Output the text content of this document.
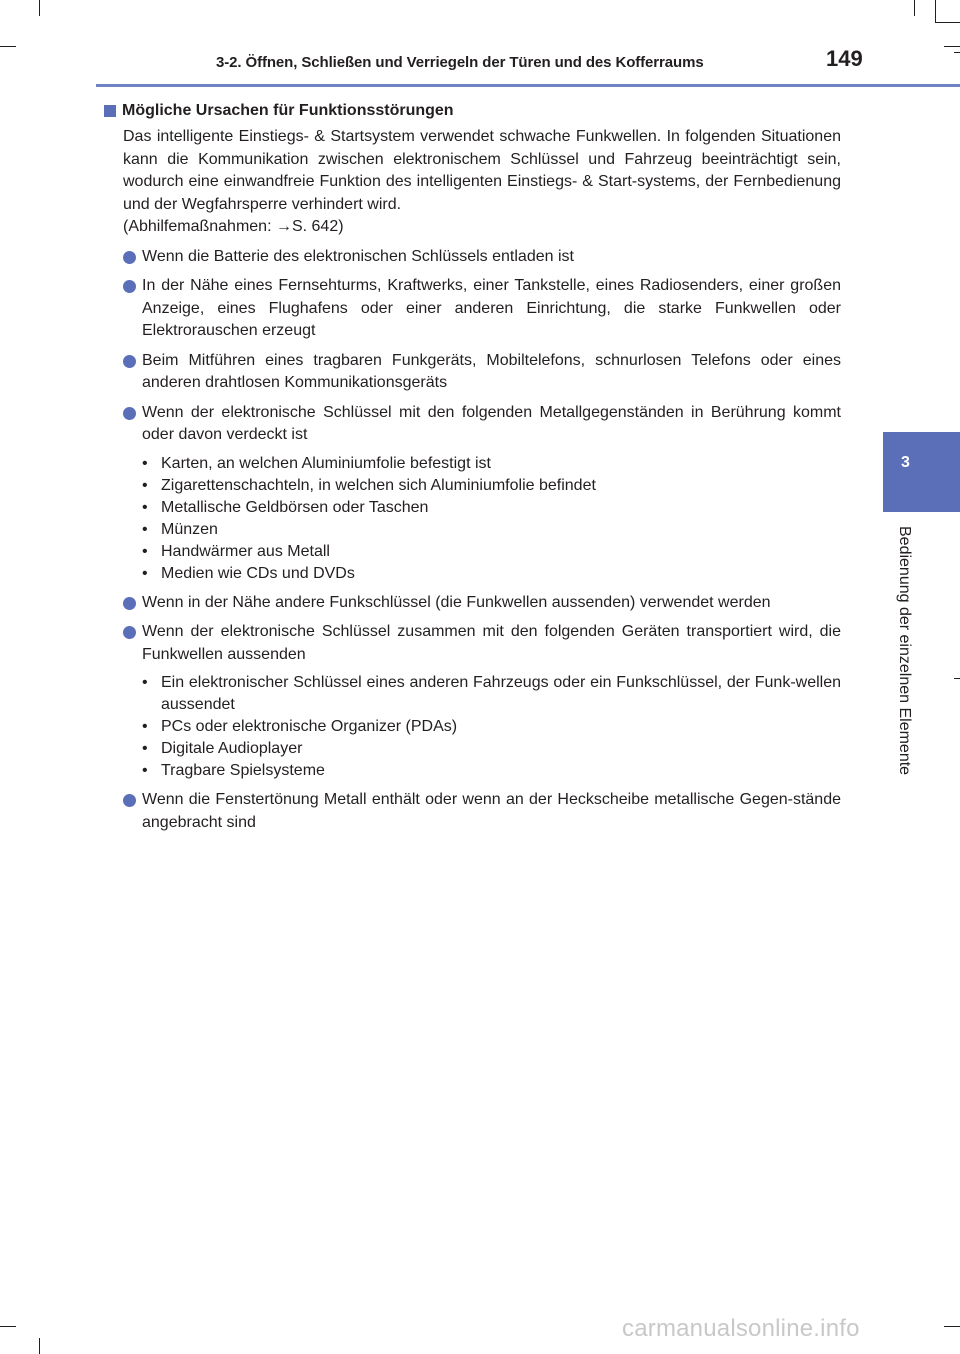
3-2. Öffnen, Schließen und Verriegeln der Türen und des Kofferraums	149
3
Bedienung der einzelnen Elemente
Mögliche Ursachen für Funktionsstörungen
Das intelligente Einstiegs- & Startsystem verwendet schwache Funkwellen. In folgenden Situationen kann die Kommunikation zwischen elektronischem Schlüssel und Fahrzeug beeinträchtigt sein, wodurch eine einwandfreie Funktion des intelligenten Einstiegs- & Start-systems, der Fernbedienung und der Wegfahrsperre verhindert wird.
(Abhilfemaßnahmen: →S. 642)
Wenn die Batterie des elektronischen Schlüssels entladen ist
In der Nähe eines Fernsehturms, Kraftwerks, einer Tankstelle, eines Radiosenders, einer großen Anzeige, eines Flughafens oder einer anderen Einrichtung, die starke Funkwellen oder Elektrorauschen erzeugt
Beim Mitführen eines tragbaren Funkgeräts, Mobiltelefons, schnurlosen Telefons oder eines anderen drahtlosen Kommunikationsgeräts
Wenn der elektronische Schlüssel mit den folgenden Metallgegenständen in Berührung kommt oder davon verdeckt ist
• Karten, an welchen Aluminiumfolie befestigt ist
• Zigarettenschachteln, in welchen sich Aluminiumfolie befindet
• Metallische Geldbörsen oder Taschen
• Münzen
• Handwärmer aus Metall
• Medien wie CDs und DVDs
Wenn in der Nähe andere Funkschlüssel (die Funkwellen aussenden) verwendet werden
Wenn der elektronische Schlüssel zusammen mit den folgenden Geräten transportiert wird, die Funkwellen aussenden
• Ein elektronischer Schlüssel eines anderen Fahrzeugs oder ein Funkschlüssel, der Funk-wellen aussendet
• PCs oder elektronische Organizer (PDAs)
• Digitale Audioplayer
• Tragbare Spielsysteme
Wenn die Fenstertönung Metall enthält oder wenn an der Heckscheibe metallische Gegen-stände angebracht sind
carmanualsonline.info
